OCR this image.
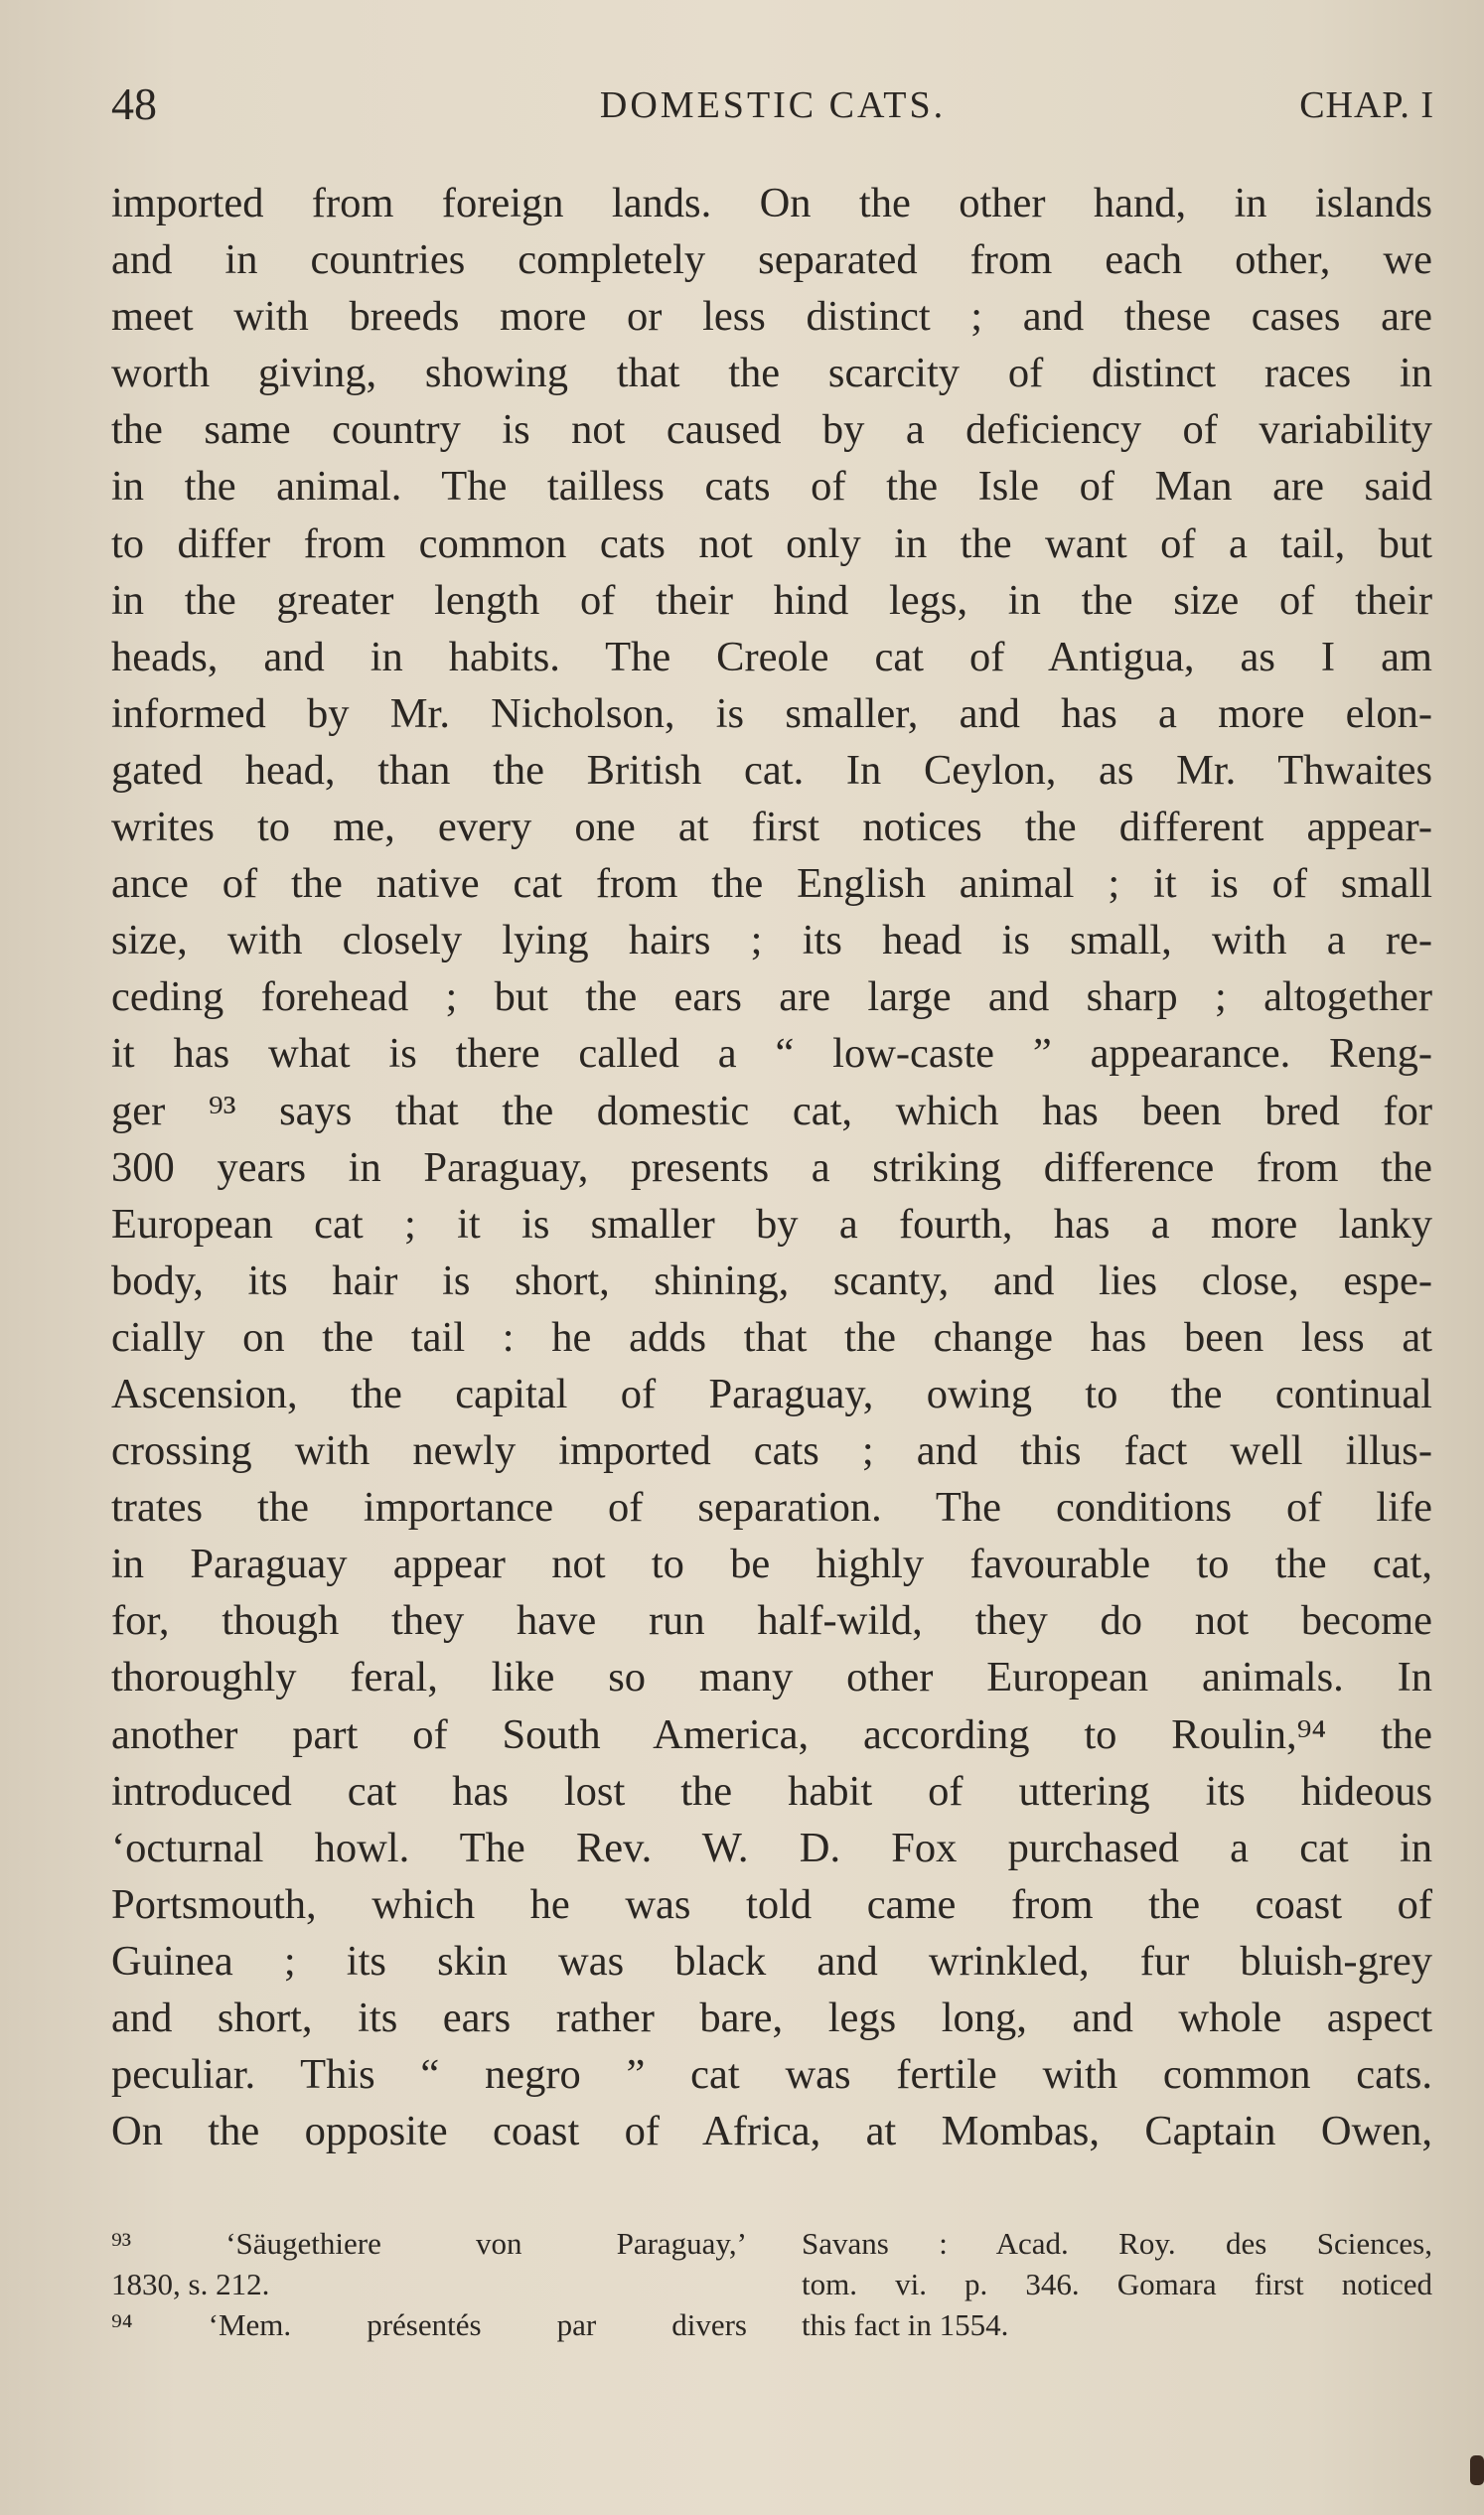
48	DOMESTIC CATS.	CHAP. I
imported from foreign lands. On the other hand, in islands
and in countries completely separated from each other, we
meet with breeds more or less distinct ; and these cases are
worth giving, showing that the scarcity of distinct races in
the same country is not caused by a deficiency of variability
in the animal. The tailless cats of the Isle of Man are said
to differ from common cats not only in the want of a tail, but
in the greater length of their hind legs, in the size of their
heads, and in habits. The Creole cat of Antigua, as I am
informed by Mr. Nicholson, is smaller, and has a more elon-
gated head, than the British cat. In Ceylon, as Mr. Thwaites
writes to me, every one at first notices the different appear-
ance of the native cat from the English animal ; it is of small
size, with closely lying hairs ; its head is small, with a re-
ceding forehead ; but the ears are large and sharp ; altogether
it has what is there called a “ low-caste ” appearance. Reng-
ger ⁹³ says that the domestic cat, which has been bred for
300 years in Paraguay, presents a striking difference from the
European cat ; it is smaller by a fourth, has a more lanky
body, its hair is short, shining, scanty, and lies close, espe-
cially on the tail : he adds that the change has been less at
Ascension, the capital of Paraguay, owing to the continual
crossing with newly imported cats ; and this fact well illus-
trates the importance of separation. The conditions of life
in Paraguay appear not to be highly favourable to the cat,
for, though they have run half-wild, they do not become
thoroughly feral, like so many other European animals. In
another part of South America, according to Roulin,⁹⁴ the
introduced cat has lost the habit of uttering its hideous
‘octurnal howl. The Rev. W. D. Fox purchased a cat in
Portsmouth, which he was told came from the coast of
Guinea ; its skin was black and wrinkled, fur bluish-grey
and short, its ears rather bare, legs long, and whole aspect
peculiar. This “ negro ” cat was fertile with common cats.
On the opposite coast of Africa, at Mombas, Captain Owen,
⁹³ ‘Säugethiere von Paraguay,’
1830, s. 212.
⁹⁴ ‘Mem. présentés par divers
Savans : Acad. Roy. des Sciences,
tom. vi. p. 346. Gomara first noticed
this fact in 1554.
